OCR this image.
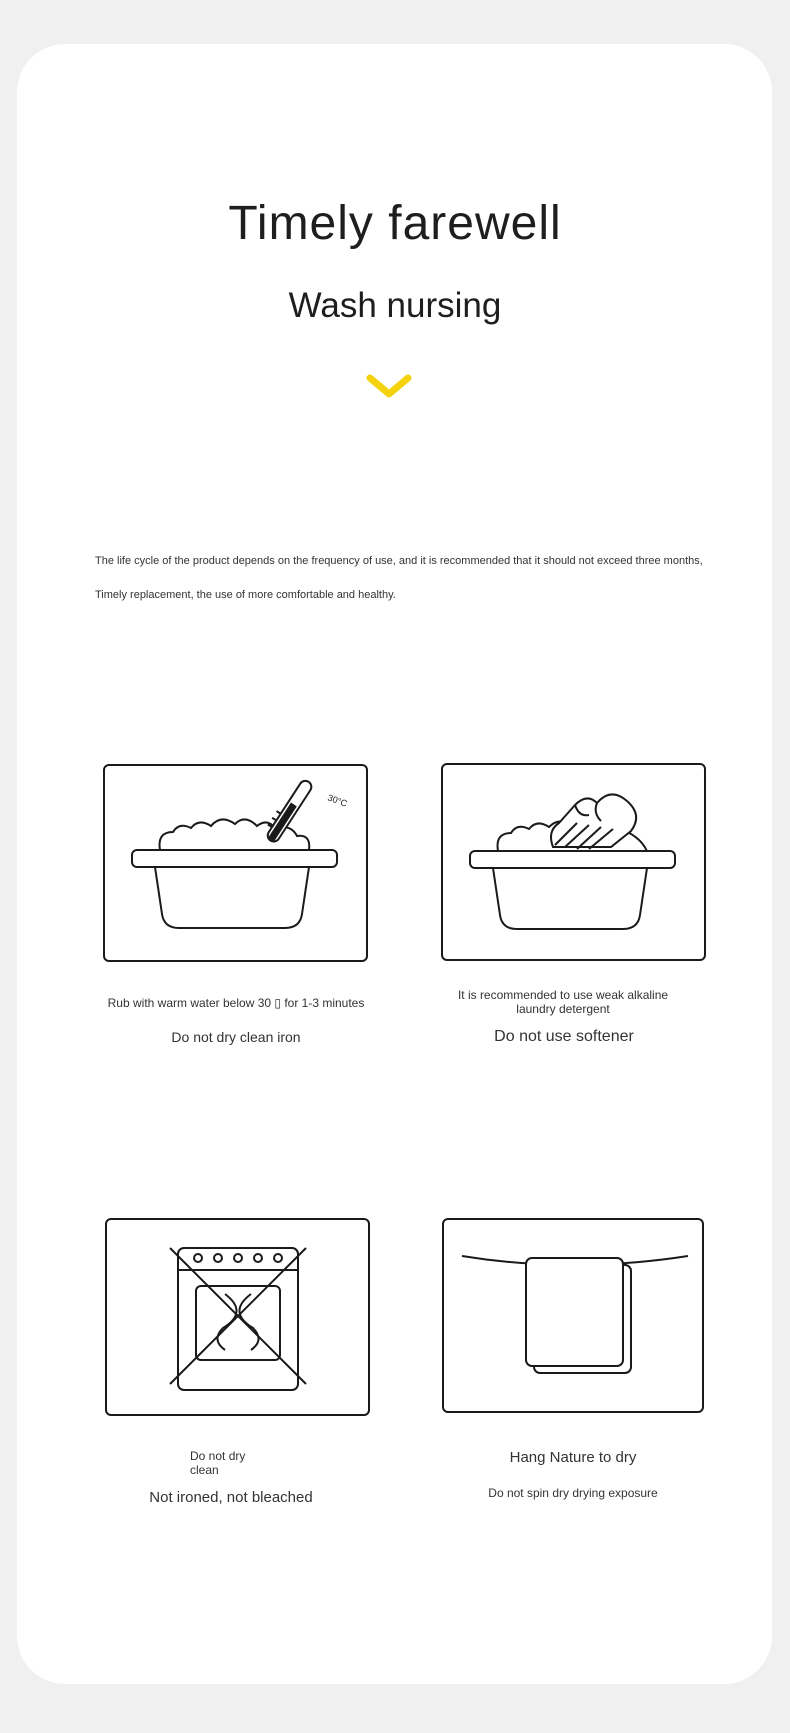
Timely farewell
Wash nursing
The life cycle of the product depends on the frequency of use, and it is recommended that it should not exceed three months,
Timely replacement, the use of more comfortable and healthy.
30°C
Rub with warm water below 30 ▯ for 1-3 minutes
Do not dry clean iron
It is recommended to use weak alkaline laundry detergent
Do not use softener
Do not dry clean
Not ironed, not bleached
Hang Nature to dry
Do not spin dry drying exposure
